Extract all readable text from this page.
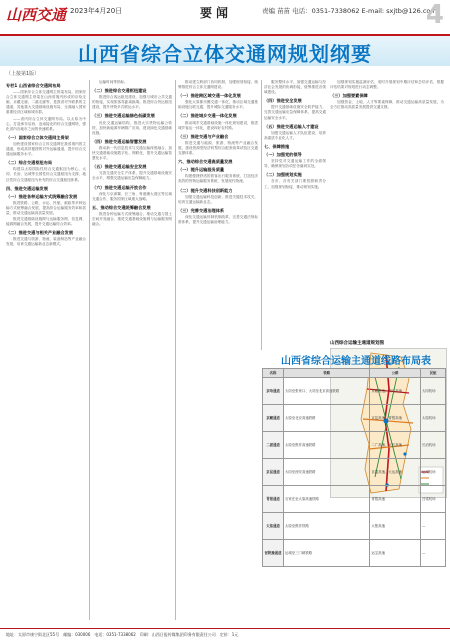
山西交通 2023年4月20日	要闻	责编 苗苗 电话：0351-7338062 E-mail: sxjtb@126.com
4
山西省综合立体交通网规划纲要
（上接第1版）

专栏1 山西省综合交通网布局

——国家综合立体交通网主骨架布局。国家综合立体交通网主骨架在山西省境内形成的京哈走廊、京藏走廊、二湛走廊等，是我省对外联系的主通道，其他重大交通基础设施布局，全面融入国家重要经济区域和城市群。

——省内综合立体交通网布局。以太原为中心，打造承东启西、连南接北的综合交通网络，强化省内各地市之间的快速联系。

（一）国家综合立体交通网主骨架

加快建设国家综合立体交通网在我省境内的主通道，形成高效便捷的对外运输通道，提升综合交通运输服务水平。

（二）综合交通枢纽布局

构建以太原国际性综合交通枢纽为核心，大同、长治、运城等全国性综合交通枢纽为支撑，地区性综合交通枢纽为补充的综合交通枢纽体系。

四、推进交通运输发展

（一）推进各种运输方式统筹融合发展

推进铁路、公路、水运、民航、邮政等多种运输方式统筹融合发展，提高综合运输服务效率和质量，推动交通运输高质量发展。

推进交通基础设施网与运输服务网、信息网、能源网融合发展，提升交通运输综合效率。

（二）推进交通与相关产业融合发展

推进交通与旅游、物流、装备制造等产业融合发展，培育交通运输新业态新模式。

运输时间等指标。

（二）推进综合交通枢纽建设

推进综合客运枢纽建设，加强与城市公共交通的衔接，实现旅客零距离换乘。推进综合货运枢纽建设，提升货物多式联运水平。

（三）推进交通运输绿色低碳发展

优化交通运输结构，推进大宗货物运输公转铁，加快新能源车辆推广应用，建设绿色交通基础设施。

（四）推进交通运输智慧发展

推动新一代信息技术与交通运输深度融合，加快交通基础设施数字化、网联化，提升交通运输智慧化水平。

（五）推进交通运输安全发展

完善交通安全生产体系，提升交通基础设施安全水平，增强交通运输应急保障能力。

（六）推进交通运输开放合作

深化与京津冀、长三角、粤港澳大湾区等区域交通合作，服务国家区域重大战略。

五、推动综合交通统筹融合发展

推进各种运输方式统筹融合，推动交通与国土空间开发融合，推进交通基础设施网与运输服务网融合。

推动建立跨部门协同机制，加强规划衔接，统筹推进综合立体交通网建设。

（一）推进跨区域交通一体化发展

强化太原都市圈交通一体化，推动区域交通基础设施互联互通，提升城际交通服务水平。

（二）推进城乡交通一体化发展

推动城乡交通基础设施一体化规划建设，推进城乡客运一体化，建设四好农村路。

（三）推进交通与产业融合

推进交通与能源、旅游、物流等产业融合发展，建设资源型经济转型综合配套改革试验区交通支撑体系。

六、推动综合交通高质量发展

（一）提升运输服务质量

构建便捷舒适的旅客出行服务系统，打造经济高效的货物运输服务系统，发展现代物流。

（二）提升交通科技创新能力

加强交通运输科技创新，推进关键技术攻关，培育交通运输新业态。

（三）完善交通治理体系

深化交通运输体制机制改革，完善交通法规标准体系，提升交通运输治理能力。

服务整体水平，加强交通运输与经济社会发展的协调衔接，统筹推进各领域建设。

（四）推进安全发展

提升交通基础设施安全防护能力，完善交通运输应急保障体系，提高交通运输安全水平。

（五）推进交通运输人才建设

加强交通运输人才队伍建设，培养高素质专业化人才。

七、保障措施

（一）加强党的领导

坚持党对交通运输工作的全面领导，确保规划各项任务落到实处。

（二）加强规划实施

各市、各有关部门要按照职责分工，加强规划衔接，推动规划实施。

加强规划实施监测评估，适时开展规划中期评估和总结评估，根据评估结果对规划进行动态调整。

（三）加强要素保障

加强资金、土地、人才等要素保障，推动交通运输高质量发展，为全方位推动高质量发展提供交通支撑。

山西综合运输主通道规划图
山西省综合运输主通道线路布局表
名称	铁路	公路	民航
京哈通道	大同至张家口、大同至北京高速铁路	京藏高速、荣乌高速	大同机场
京藏通道	太原至北京高速铁路	京昆高速、青银高速	太原机场
二湛通道	太原至焦作高速铁路	二广高速、太长高速	长治机场
京昆通道	大同至西安高速铁路	京昆高速、大运高速	运城机场
青银通道	石家庄至太原高速铁路	青银高速	吕梁机场
太焦通道	太原至焦作铁路	太焦高速	—
晋陕豫通道	运城至三门峡铁路	运宝高速	—
地址：太原市康宁街北区55号　邮编：030006　电话：0351-7338062　印刷：山西日报传媒集团印务有限责任公司　定价：1元
